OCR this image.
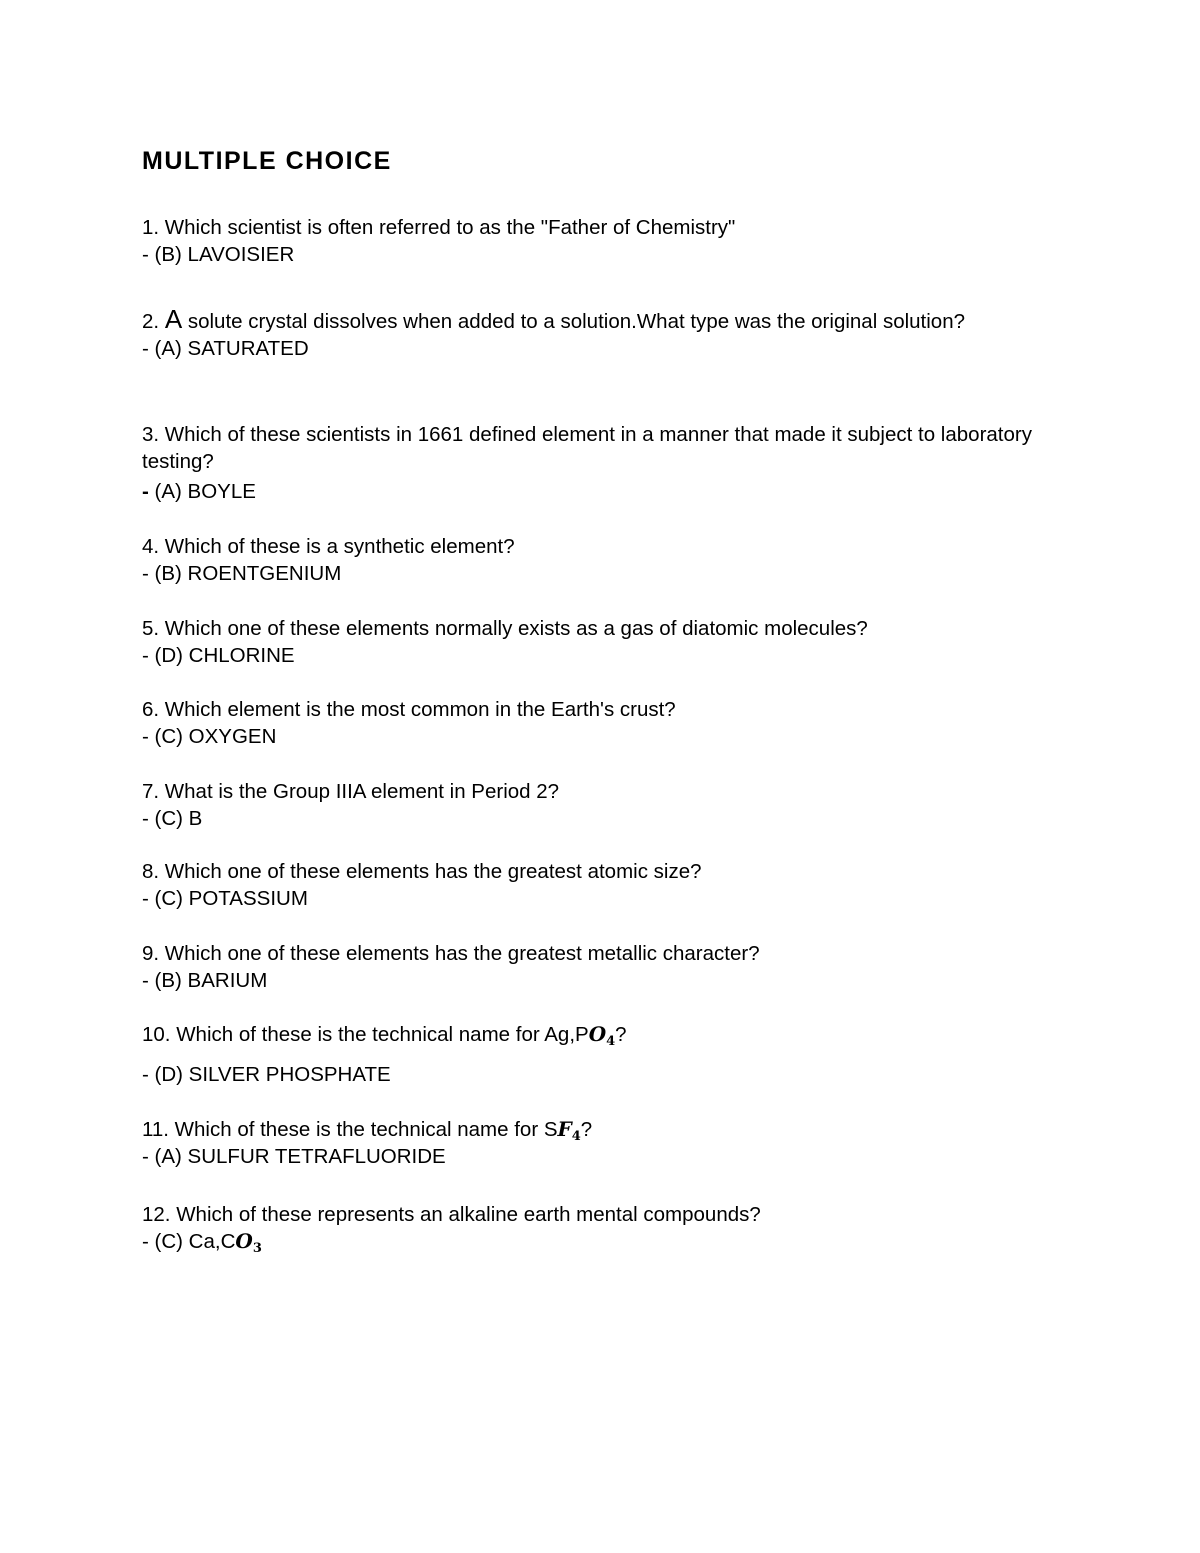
MULTIPLE CHOICE

1. Which scientist is often referred to as the "Father of Chemistry"

- (B) LAVOISIER

2. A solute crystal dissolves when added to a solution.What type was the original solution?

- (A) SATURATED

3. Which of these scientists in 1661 defined element in a manner that made it subject to laboratory testing?

- (A) BOYLE

4. Which of these is a synthetic element?

- (B) ROENTGENIUM

5. Which one of these elements normally exists as a gas of diatomic molecules?

- (D) CHLORINE

6. Which element is the most common in the Earth's crust?

- (C) OXYGEN

7. What is the Group IIIA element in Period 2?

- (C) B

8. Which one of these elements has the greatest atomic size?

- (C) POTASSIUM

9. Which one of these elements has the greatest metallic character?

- (B) BARIUM

10. Which of these is the technical name for $Ag,PO_4$?

- (D) SILVER PHOSPHATE

11. Which of these is the technical name for $SF_4$?

- (A) SULFUR TETRAFLUORIDE

12. Which of these represents an alkaline earth mental compounds?

- (C) $Ca,CO_3$
